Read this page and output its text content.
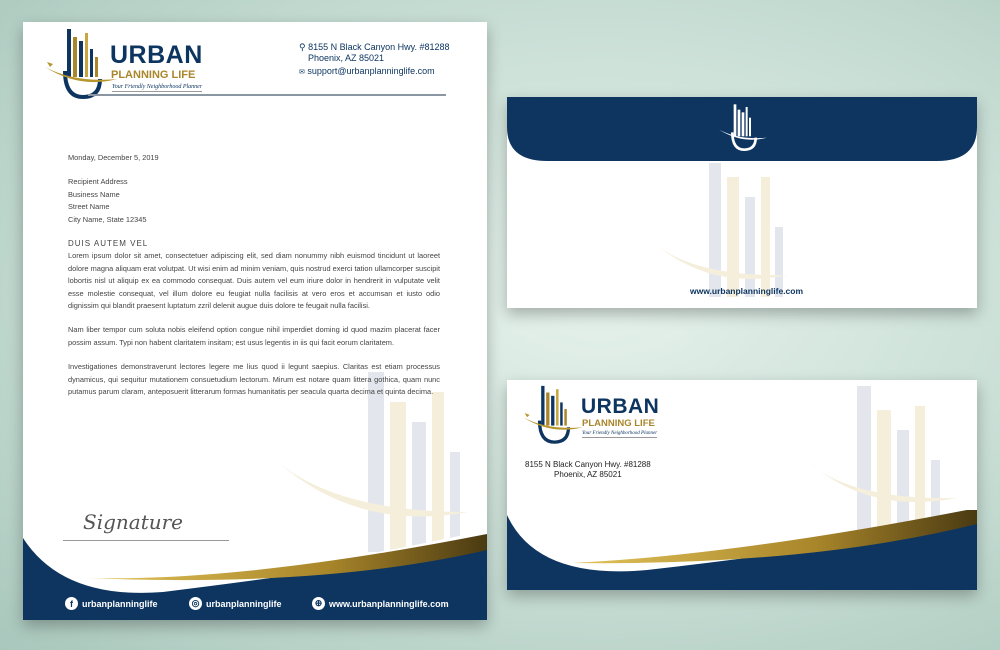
URBAN
PLANNING LIFE
Your Friendly Neighborhood Planner
⚲ 8155 N Black Canyon Hwy. #81288
Phoenix, AZ 85021
✉ support@urbanplanninglife.com
Monday, December 5, 2019
Recipient Address
Business Name
Street Name
City Name, State 12345
DUIS AUTEM VEL
Lorem ipsum dolor sit amet, consectetuer adipiscing elit, sed diam nonummy nibh euismod tincidunt ut laoreet dolore magna aliquam erat volutpat. Ut wisi enim ad minim veniam, quis nostrud exerci tation ullamcorper suscipit lobortis nisl ut aliquip ex ea commodo consequat. Duis autem vel eum iriure dolor in hendrerit in vulputate velit esse molestie consequat, vel illum dolore eu feugiat nulla facilisis at vero eros et accumsan et iusto odio dignissim qui blandit praesent luptatum zzril delenit augue duis dolore te feugait nulla facilisi.
Nam liber tempor cum soluta nobis eleifend option congue nihil imperdiet doming id quod mazim placerat facer possim assum. Typi non habent claritatem insitam; est usus legentis in iis qui facit eorum claritatem.
Investigationes demonstraverunt lectores legere me lius quod ii legunt saepius. Claritas est etiam processus dynamicus, qui sequitur mutationem consuetudium lectorum. Mirum est notare quam littera gothica, quam nunc putamus parum claram, anteposuerit litterarum formas humanitatis per seacula quarta decima et quinta decima.
Signature
f	urbanplanninglife	◎ urbanplanninglife	⊕ www.urbanplanninglife.com
www.urbanplanninglife.com
URBAN
PLANNING LIFE
Your Friendly Neighborhood Planner
8155 N Black Canyon Hwy. #81288
Phoenix, AZ 85021
